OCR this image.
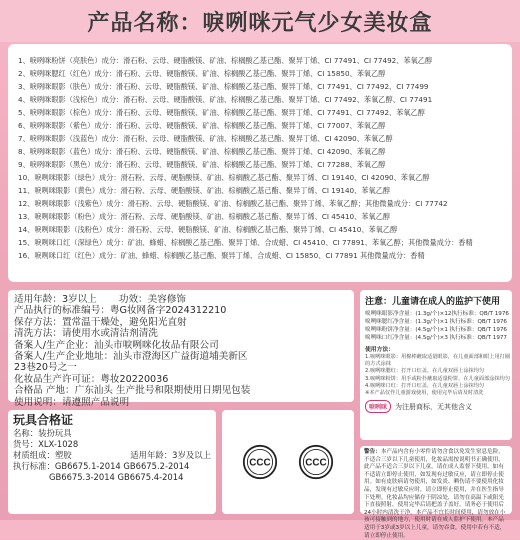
产品名称：唳咧咪元气少女美妆盒
1、唳咧咪粉饼（亮肤色）成分：滑石粉、云母、硬脂酸镁、矿油、棕榈酸乙基己酯、聚异丁烯、CI 77491、CI 77492、苯氧乙醇
2、唳咧咪腮红（红色）成分：滑石粉、云母、硬脂酸镁、矿油、棕榈酸乙基己酯、聚异丁烯、CI 15850、苯氧乙醇
3、唳咧咪眼影（肤色）成分：滑石粉、云母、硬脂酸镁、矿油、棕榈酸乙基己酯、聚异丁烯、CI 77491、CI 77492、CI 77499
4、唳咧咪眼影（浅棕色）成分：滑石粉、云母、硬脂酸镁、矿油、棕榈酸乙基己酯、聚异丁烯、CI 77492、苯氧乙醇、CI 77491
5、唳咧咪眼影（棕色）成分：滑石粉、云母、硬脂酸镁、矿油、棕榈酸乙基己酯、聚异丁烯、CI 77491、CI 77492、苯氧乙醇
6、唳咧咪眼影（紫色）成分：滑石粉、云母、硬脂酸镁、矿油、棕榈酸乙基己酯、聚异丁烯、CI 77007、苯氧乙醇
7、唳咧咪眼影（浅蓝色）成分：滑石粉、云母、硬脂酸镁、矿油、棕榈酸乙基己酯、聚异丁烯、CI 42090、苯氧乙醇
8、唳咧咪眼影（蓝色）成分：滑石粉、云母、硬脂酸镁、矿油、棕榈酸乙基己酯、聚异丁烯、CI 42090、苯氧乙醇
9、唳咧咪眼影（黑色）成分：滑石粉、云母、硬脂酸镁、矿油、棕榈酸乙基己酯、聚异丁烯、CI 77288、苯氧乙醇
10、唳咧咪眼影（绿色）成分：滑石粉、云母、硬脂酸镁、矿油、棕榈酸乙基己酯、聚异丁烯、CI 19140、CI 42090、苯氧乙醇
11、唳咧咪眼影（黄色）成分：滑石粉、云母、硬脂酸镁、矿油、棕榈酸乙基己酯、聚异丁烯、CI 19140、苯氧乙醇
12、唳咧咪眼影（浅紫色）成分：滑石粉、云母、硬脂酸镁、矿油、棕榈酸乙基己酯、聚异丁烯、苯氧乙醇；其他微量成分：CI 77742
13、唳咧咪眼影（粉色）成分：滑石粉、云母、硬脂酸镁、矿油、棕榈酸乙基己酯、聚异丁烯、CI 45410、苯氧乙醇
14、唳咧咪眼影（浅粉色）成分：滑石粉、云母、硬脂酸镁、矿油、棕榈酸乙基己酯、聚异丁烯、CI 45410、苯氧乙醇
15、唳咧咪口红（深绿色）成分：矿油、蜂蜡、棕榈酸乙基己酯、聚异丁烯、合成蜡、CI 45410、CI 77891、苯氧乙醇；其他微量成分：香精
16、唳咧咪口红（红色）成分：矿油、蜂蜡、棕榈酸乙基己酯、聚异丁烯、合成蜡、CI 15850、CI 77891 其他微量成分：香精
适用年龄：3岁以上 功效：美容修饰
产品执行的标准编号：粤G妆网备字2024312210
保存方法：置常温干燥处，避免阳光直射
清洗方法：请使用水或清洁剂清洗
备案人/生产企业：汕头市唳咧咪化妆品有限公司
备案人/生产企业地址：汕头市澄海区广益街道埔美新区
23巷20号之一
化妆品生产许可证：粤妆20220036
合格品 产地：广东汕头 生产批号和限期使用日期见包装
使用说明：请遵照产品说明
注意：儿童请在成人的监护下使用
唳咧咪眼影净含量：(1.3g/个)×12 执行标准：QB/T 1976
唳咧咪腮红净含量：(1.3g/个)×1 执行标准：QB/T 1976
唳咧咪粉饼净含量：(4.5g/个)×1 执行标准：QB/T 1976
唳咧咪口红净含量：(4.5g/个)×3 执行标准：QB/T 1977
使用方法：
1.唳咧咪眼影：用棉棒蘸取适量眼影，在儿童面部和眼上用打圈
的方式涂抹
2.唳咧咪腮红：打开口红盖，在儿童双唇上涂抹均匀
3.唳咧咪粉饼：用手或粉扑蘸取适量粉饼，在儿童面部涂抹均匀
4.唳咧咪口红：打开口红盖，在儿童双唇上涂抹均匀
※本产品仅作儿童游戏使用，使用完毕后请及时清洗
唳咧咪	为注册商标，无其他含义
玩具合格证
名称：装扮玩具
货号：XLX-1028
材质组成：塑胶	适用年龄：3岁及以上
执行标准：GB6675.1-2014 GB6675.2-2014
GB6675.3-2014 GB6675.4-2014
CCC	CCC
警告：本产品内含有小零件请勿含食以免发生窒息危险，不适合三岁以下儿童使用，化妆品需按说明书正确使用，此产品不适合三岁以下儿童。请在成人监督下使用，如有不适请立即停止使用，如发现有过敏反应，请立即停止使用。如有皮肤病请勿使用，如发炎、晒伤请不要使用化妆品，发现有过敏反应时，请立即停止使用，并在医生指导下处理。化妆品均应储存于阴凉处，请勿在高温下或阳光下直接照射，使用完毕后请把盖子盖好。请务必于使用后24小时内清洗干净。本产品不宜长时间使用，请勿放在小孩可接触到的地方，使用时请在成人监护下使用。本产品适用于3岁或3岁以上儿童，请勿吞食，使用中若有不适，请立即停止使用。
